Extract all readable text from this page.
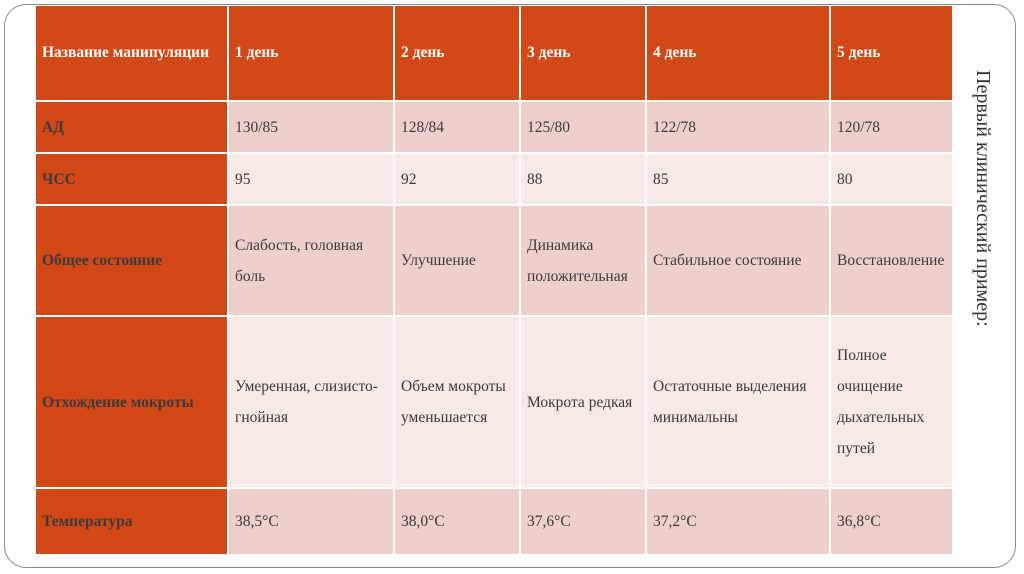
Название манипуляции	1 день	2 день	3 день	4 день	5 день
АД	130/85	128/84	125/80	122/78	120/78
ЧСС	95	92	88	85	80
Общее состояние	Слабость, головная боль	Улучшение	Динамика положительная	Стабильное состояние	Восстановление
Отхождение мокроты	Умеренная, слизисто-гнойная	Объем мокроты уменьшается	Мокрота редкая	Остаточные выделения минимальны	Полное очищение дыхательных путей
Температура	38,5°С	38,0°С	37,6°С	37,2°С	36,8°С
Первый клинический пример:
